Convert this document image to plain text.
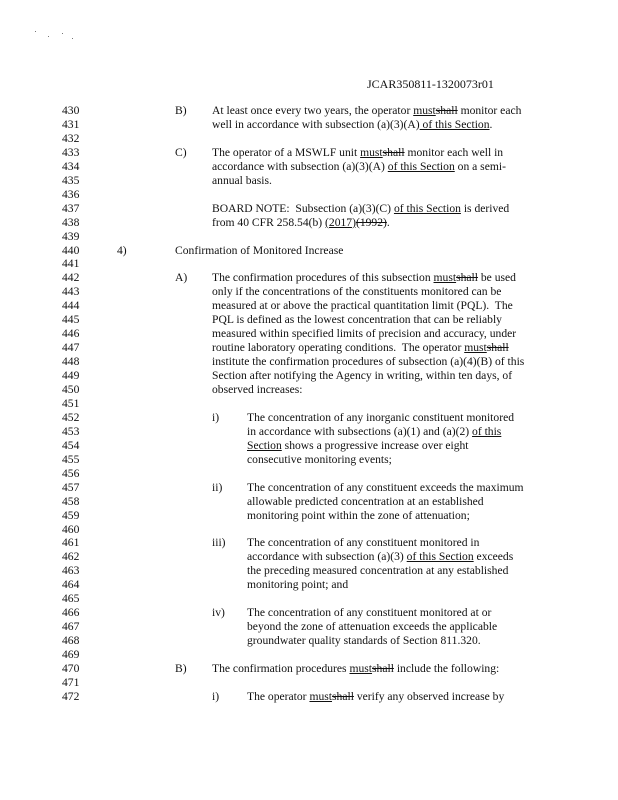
JCAR350811-1320073r01
430	B) At least once every two years, the operator mustshall monitor each
431	well in accordance with subsection (a)(3)(A) of this Section.
432
433	C) The operator of a MSWLF unit mustshall monitor each well in
434	accordance with subsection (a)(3)(A) of this Section on a semi-
435	annual basis.
436
437	BOARD NOTE:  Subsection (a)(3)(C) of this Section is derived
438	from 40 CFR 258.54(b) (2017)(1992).
439
440	4)	Confirmation of Monitored Increase
441
442	A) The confirmation procedures of this subsection mustshall be used
443	only if the concentrations of the constituents monitored can be
444	measured at or above the practical quantitation limit (PQL).  The
445	PQL is defined as the lowest concentration that can be reliably
446	measured within specified limits of precision and accuracy, under
447	routine laboratory operating conditions.  The operator mustshall
448	institute the confirmation procedures of subsection (a)(4)(B) of this
449	Section after notifying the Agency in writing, within ten days, of
450	observed increases:
451
452	i) The concentration of any inorganic constituent monitored
453	in accordance with subsections (a)(1) and (a)(2) of this
454	Section shows a progressive increase over eight
455	consecutive monitoring events;
456
457	ii) The concentration of any constituent exceeds the maximum
458	allowable predicted concentration at an established
459	monitoring point within the zone of attenuation;
460
461	iii) The concentration of any constituent monitored in
462	accordance with subsection (a)(3) of this Section exceeds
463	the preceding measured concentration at any established
464	monitoring point; and
465
466	iv) The concentration of any constituent monitored at or
467	beyond the zone of attenuation exceeds the applicable
468	groundwater quality standards of Section 811.320.
469
470	B) The confirmation procedures mustshall include the following:
471
472	i) The operator mustshall verify any observed increase by
